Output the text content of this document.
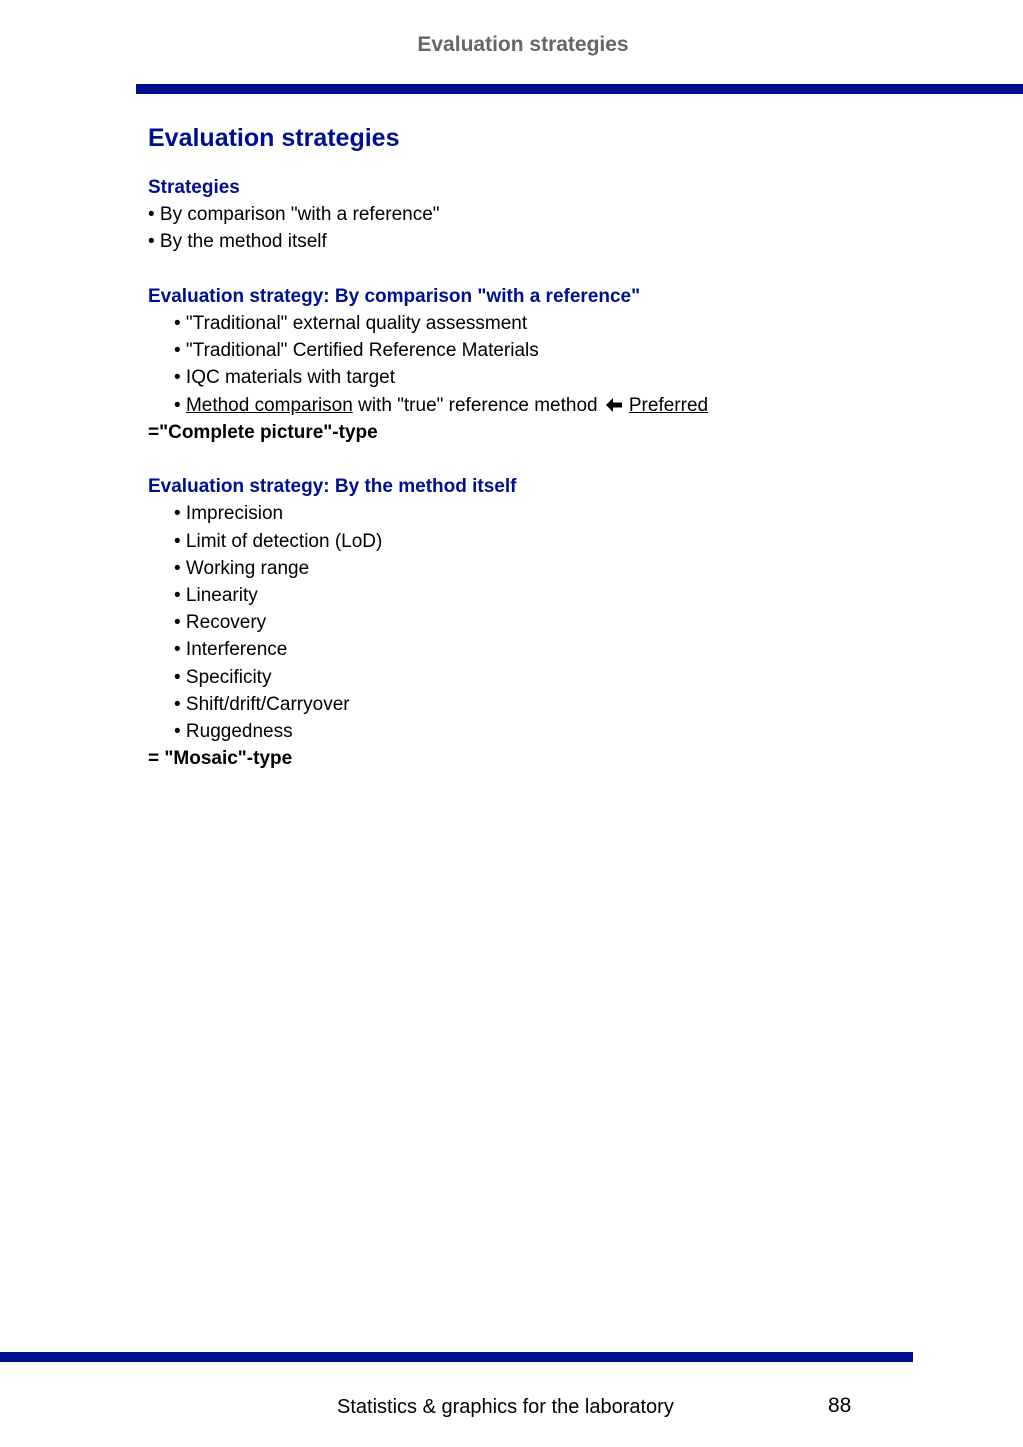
Evaluation strategies
Evaluation strategies
Strategies
• By comparison "with a reference"
• By the method itself
Evaluation strategy: By comparison "with a reference"
• "Traditional" external quality assessment
• "Traditional" Certified Reference Materials
• IQC materials with target
• Method comparison with "true" reference method Preferred
="Complete picture"-type
Evaluation strategy: By the method itself
• Imprecision
• Limit of detection (LoD)
• Working range
• Linearity
• Recovery
• Interference
• Specificity
• Shift/drift/Carryover
• Ruggedness
= "Mosaic"-type
Statistics & graphics for the laboratory	88
